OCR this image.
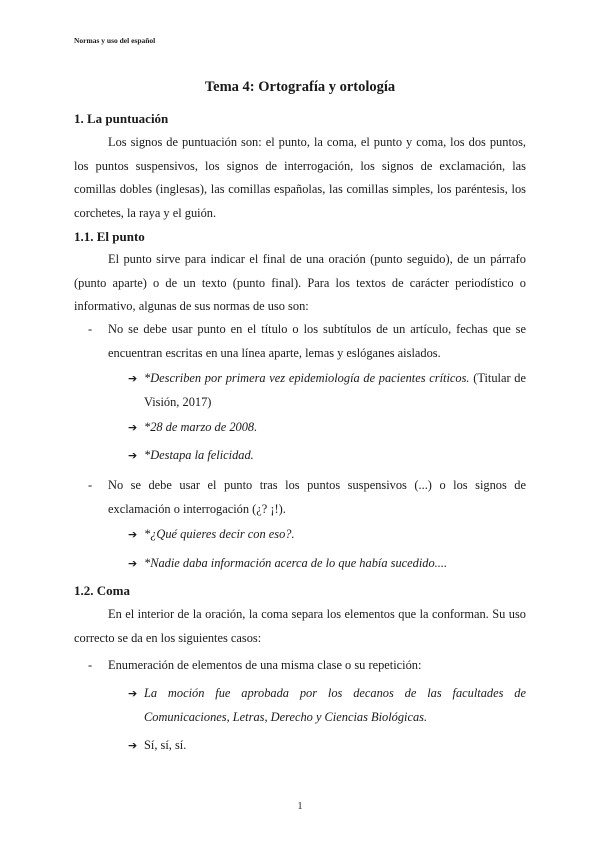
Normas y uso del español
Tema 4: Ortografía y ortología
1. La puntuación
Los signos de puntuación son: el punto, la coma, el punto y coma, los dos puntos, los puntos suspensivos, los signos de interrogación, los signos de exclamación, las comillas dobles (inglesas), las comillas españolas, las comillas simples, los paréntesis, los corchetes, la raya y el guión.
1.1. El punto
El punto sirve para indicar el final de una oración (punto seguido), de un párrafo (punto aparte) o de un texto (punto final). Para los textos de carácter periodístico o informativo, algunas de sus normas de uso son:
- No se debe usar punto en el título o los subtítulos de un artículo, fechas que se encuentran escritas en una línea aparte, lemas y eslóganes aislados.
➔ *Describen por primera vez epidemiología de pacientes críticos. (Titular de Visión, 2017)
➔ *28 de marzo de 2008.
➔ *Destapa la felicidad.
- No se debe usar el punto tras los puntos suspensivos (...) o los signos de exclamación o interrogación (¿? ¡!).
➔ *¿Qué quieres decir con eso?.
➔ *Nadie daba información acerca de lo que había sucedido....
1.2. Coma
En el interior de la oración, la coma separa los elementos que la conforman. Su uso correcto se da en los siguientes casos:
- Enumeración de elementos de una misma clase o su repetición:
➔ La moción fue aprobada por los decanos de las facultades de Comunicaciones, Letras, Derecho y Ciencias Biológicas.
➔ Sí, sí, sí.
1
